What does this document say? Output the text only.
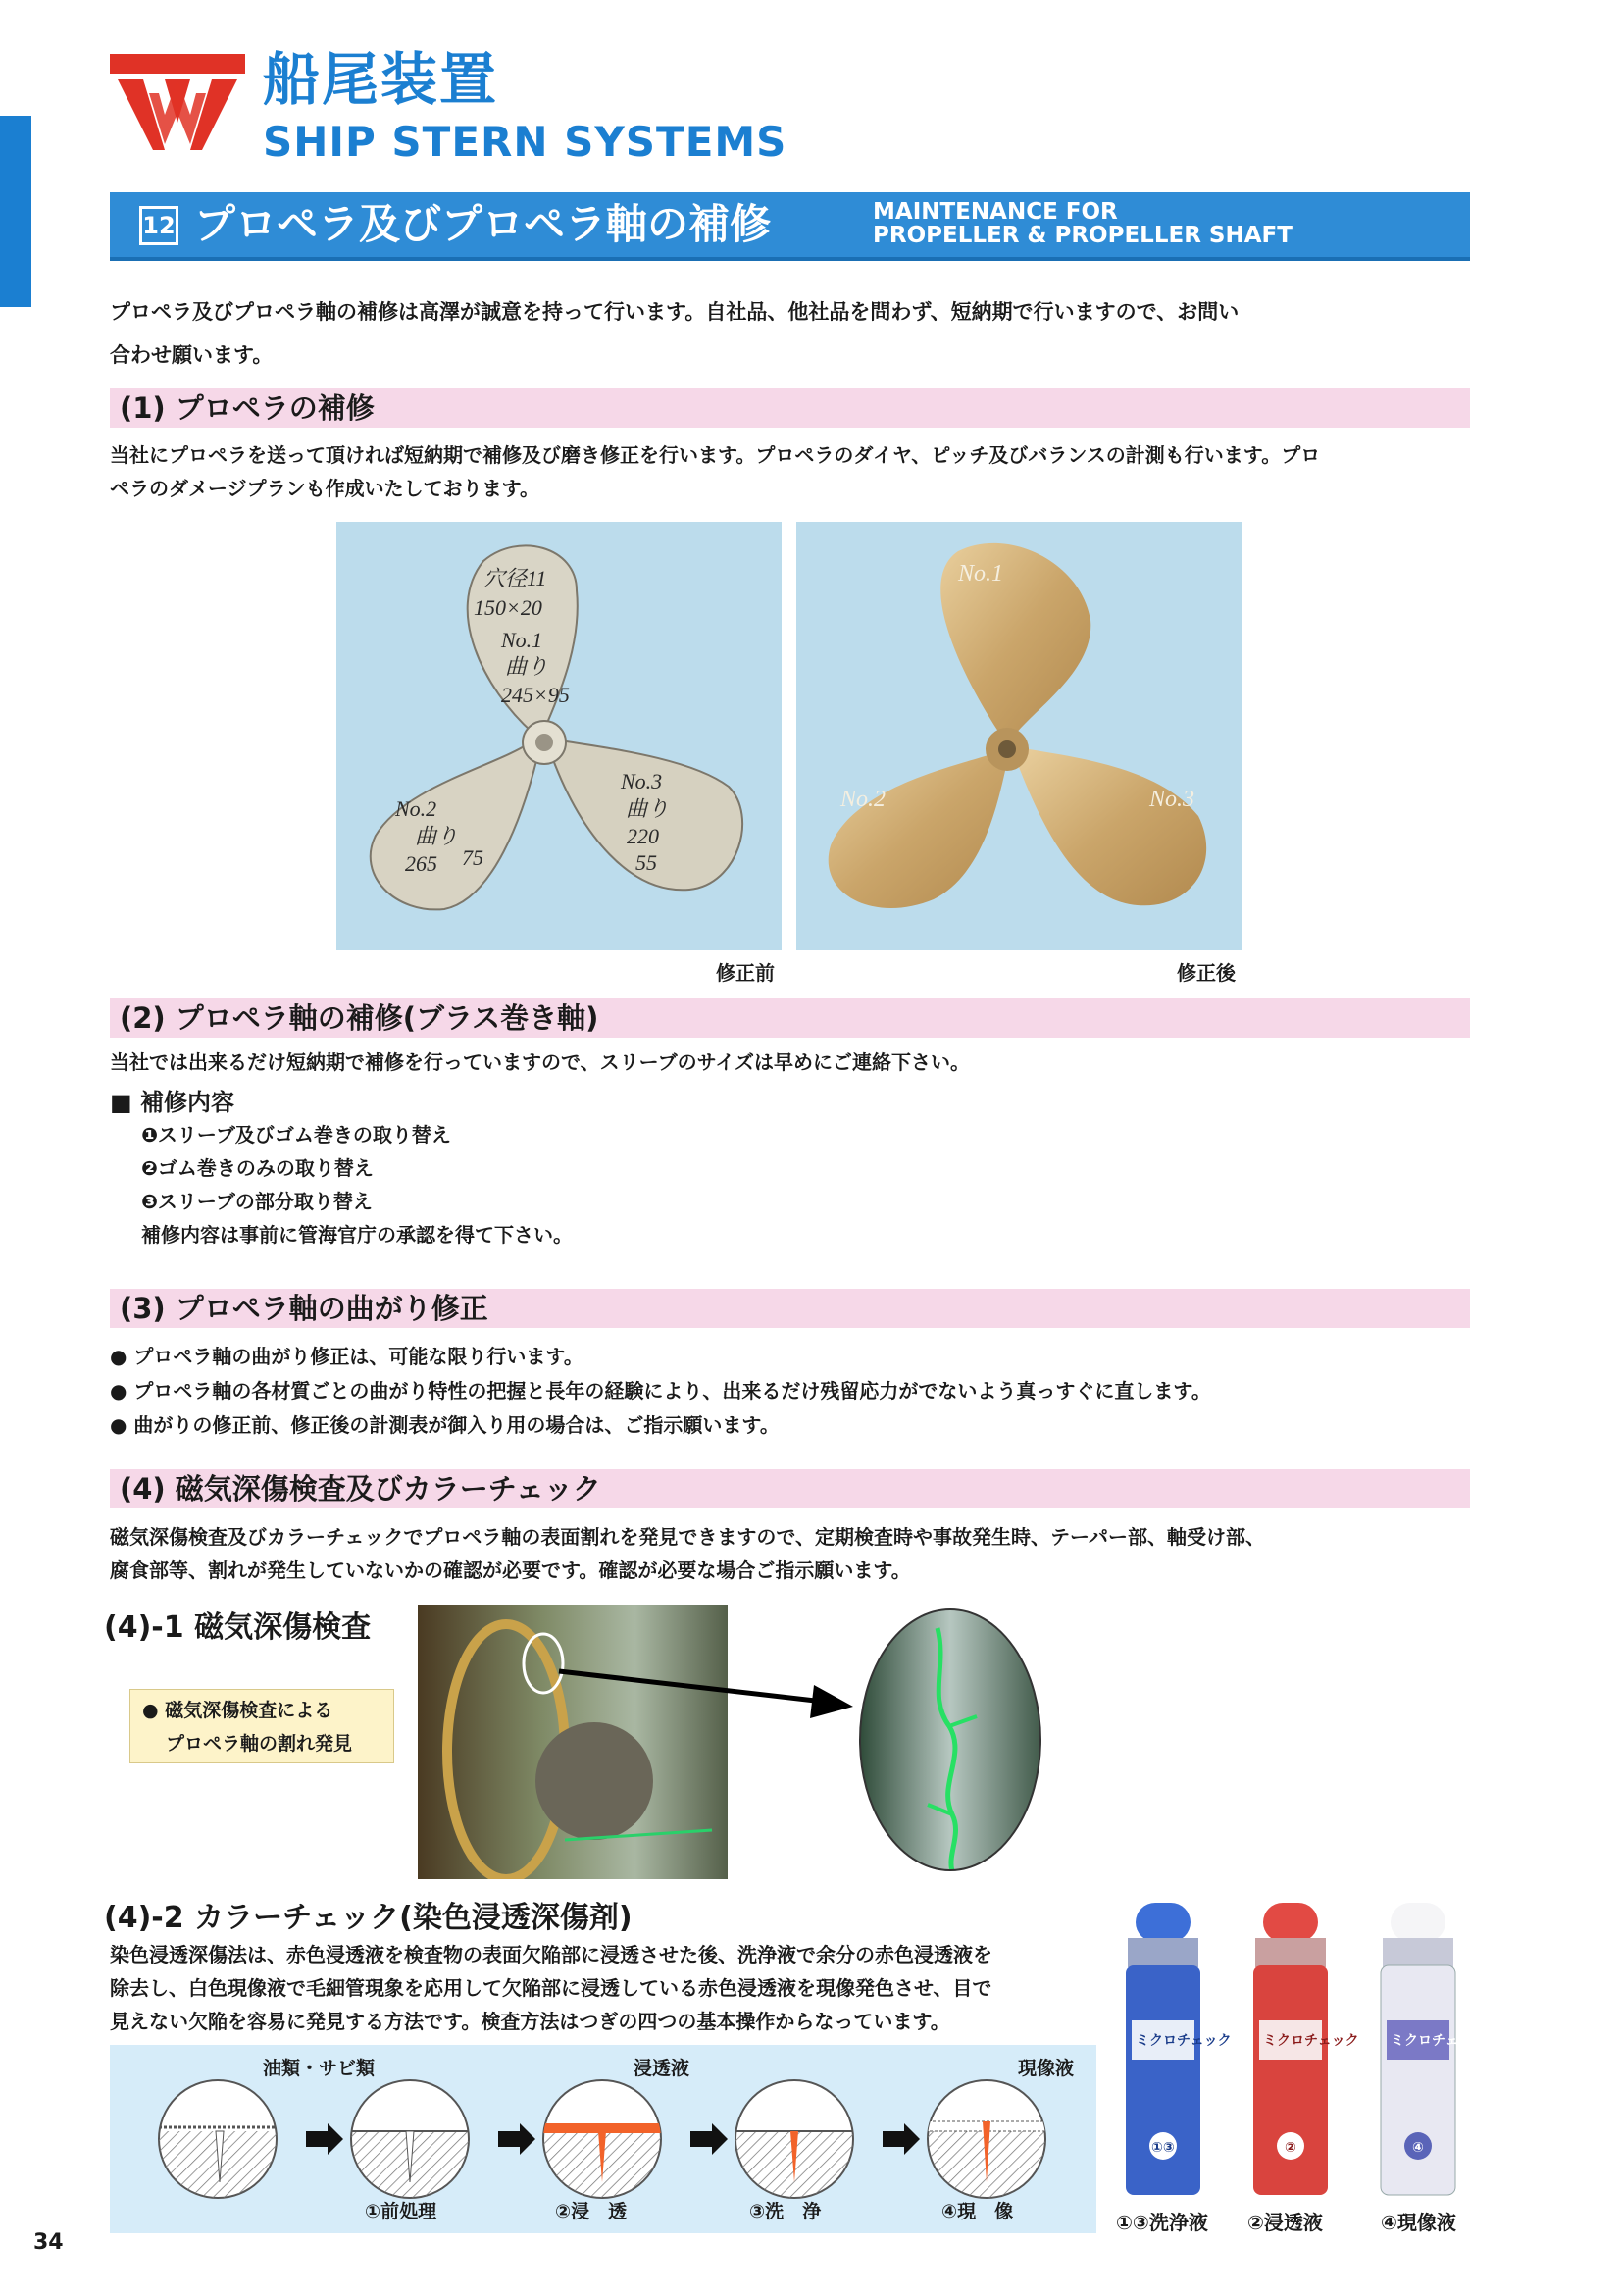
船尾装置
SHIP STERN SYSTEMS
12 プロペラ及びプロペラ軸の補修	MAINTENANCE FOR
PROPELLER & PROPELLER SHAFT
プロペラ及びプロペラ軸の補修は高澤が誠意を持って行います。自社品、他社品を問わず、短納期で行いますので、お問い
合わせ願います。
(1) プロペラの補修
当社にプロペラを送って頂ければ短納期で補修及び磨き修正を行います。プロペラのダイヤ、ピッチ及びバランスの計測も行います。プロ
ペラのダメージプランも作成いたしております。
穴径11
150×20
No.1
曲り
245×95
No.2
曲り
265 75
No.3
曲り
220
55
No.1
No.2	No.3
修正前	修正後
(2) プロペラ軸の補修(ブラス巻き軸)
当社では出来るだけ短納期で補修を行っていますので、スリーブのサイズは早めにご連絡下さい。
■ 補修内容
❶スリーブ及びゴム巻きの取り替え
❷ゴム巻きのみの取り替え
❸スリーブの部分取り替え
補修内容は事前に管海官庁の承認を得て下さい。
(3) プロペラ軸の曲がり修正
● プロペラ軸の曲がり修正は、可能な限り行います。
● プロペラ軸の各材質ごとの曲がり特性の把握と長年の経験により、出来るだけ残留応力がでないよう真っすぐに直します。
● 曲がりの修正前、修正後の計測表が御入り用の場合は、ご指示願います。
(4) 磁気深傷検査及びカラーチェック
磁気深傷検査及びカラーチェックでプロペラ軸の表面割れを発見できますので、定期検査時や事故発生時、テーパー部、軸受け部、
腐食部等、割れが発生していないかの確認が必要です。確認が必要な場合ご指示願います。
(4)-1 磁気深傷検査
● 磁気深傷検査による
プロペラ軸の割れ発見
(4)-2 カラーチェック(染色浸透深傷剤)
染色浸透深傷法は、赤色浸透液を検査物の表面欠陥部に浸透させた後、洗浄液で余分の赤色浸透液を
除去し、白色現像液で毛細管現象を応用して欠陥部に浸透している赤色浸透液を現像発色させ、目で
見えない欠陥を容易に発見する方法です。検査方法はつぎの四つの基本操作からなっています。
油類・サビ類	浸透液	現像液
①前処理	②浸　透	③洗　浄	④現　像
ミクロチェック
①③
ミクロチェック
②
ミクロチェック
④
①③洗浄液 ②浸透液	④現像液
34
